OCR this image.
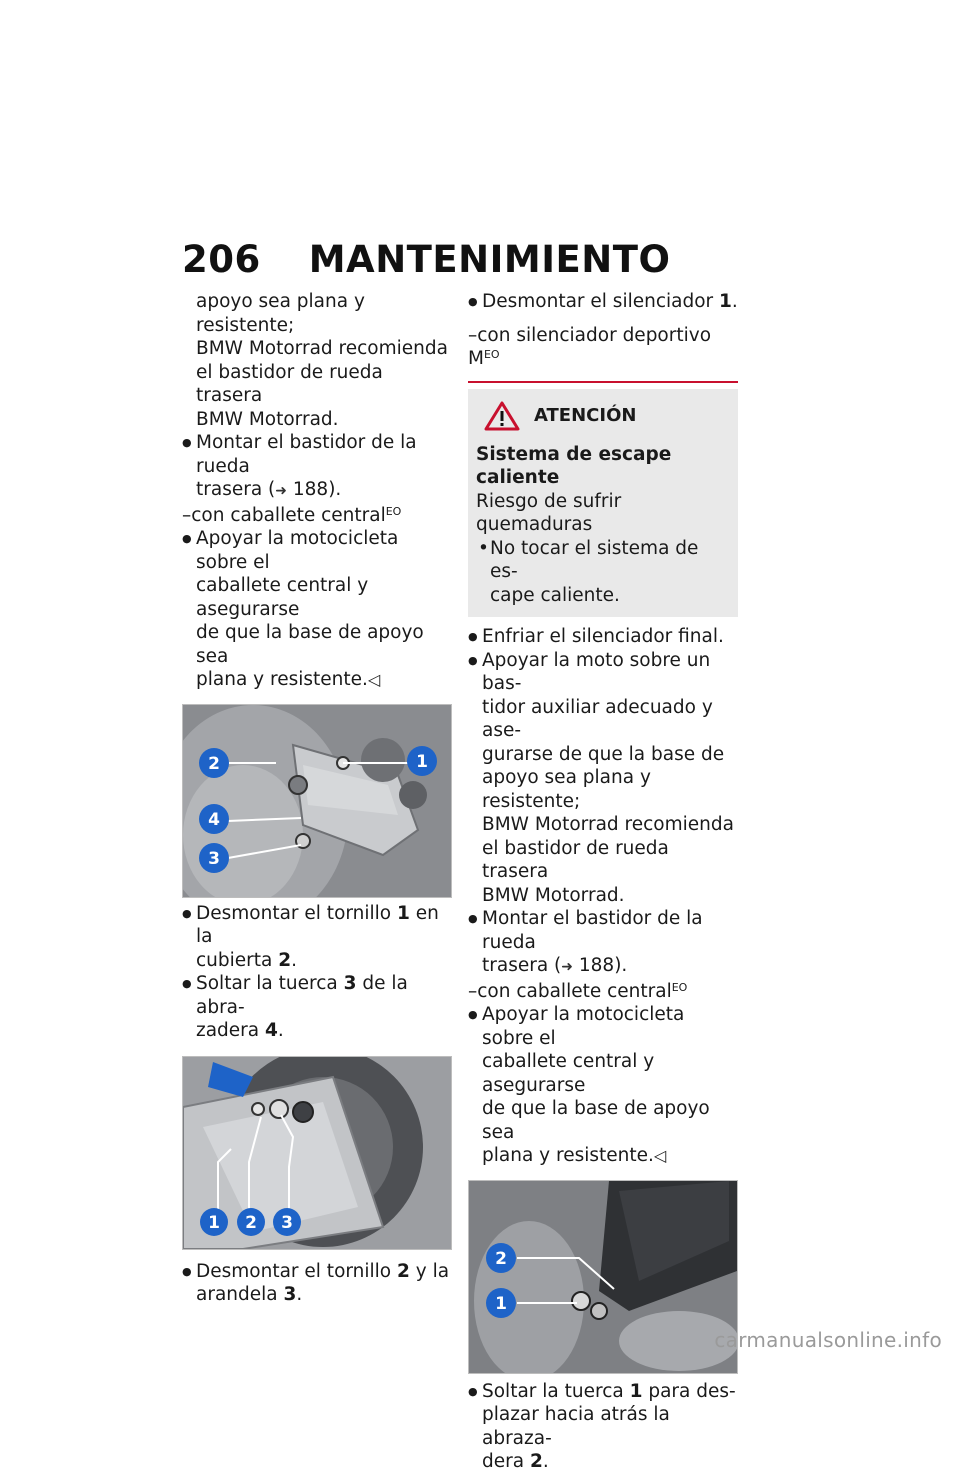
206 MANTENIMIENTO
apoyo sea plana y resistente;
BMW Motorrad recomienda
el bastidor de rueda trasera
BMW Motorrad.
● Montar el bastidor de la rueda
trasera (➜ 188).
–con caballete central$^{EO}$
● Apoyar la motocicleta sobre el
caballete central y asegurarse
de que la base de apoyo sea
plana y resistente.◁
2	1
4
3
● Desmontar el tornillo 1 en la
cubierta 2.
● Soltar la tuerca 3 de la abra-
zadera 4.
1 2 3
● Desmontar el tornillo 2 y la
arandela 3.
● Desmontar el silenciador 1.
–con silenciador deportivo $M^{EO}$
ATENCIÓN
Sistema de escape caliente
Riesgo de sufrir quemaduras
• No tocar el sistema de es-
cape caliente.
● Enfriar el silenciador final.
● Apoyar la moto sobre un bas-
tidor auxiliar adecuado y ase-
gurarse de que la base de
apoyo sea plana y resistente;
BMW Motorrad recomienda
el bastidor de rueda trasera
BMW Motorrad.
● Montar el bastidor de la rueda
trasera (➜ 188).
–con caballete central$^{EO}$
● Apoyar la motocicleta sobre el
caballete central y asegurarse
de que la base de apoyo sea
plana y resistente.◁
2
1
● Soltar la tuerca 1 para des-
plazar hacia atrás la abraza-
dera 2.
carmanualsonline.info
